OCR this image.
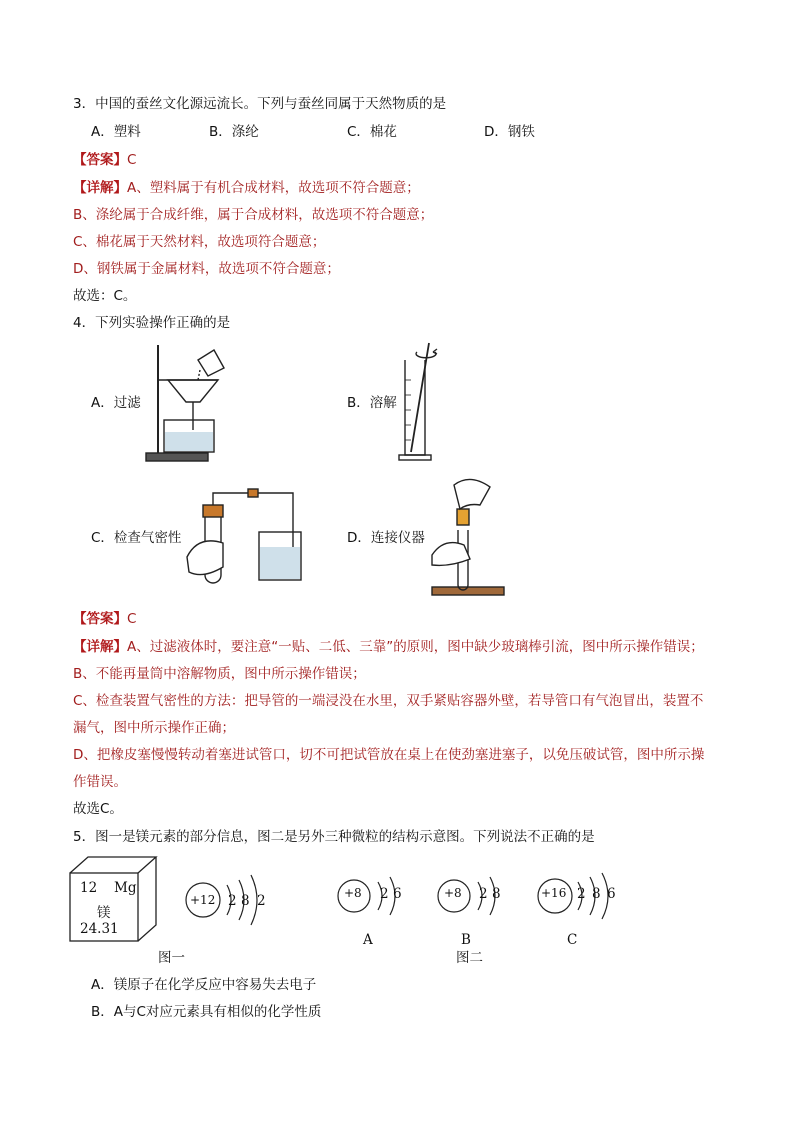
3．中国的蚕丝文化源远流长。下列与蚕丝同属于天然物质的是
A．塑料	B．涤纶	C．棉花	D．钢铁
【答案】C
【详解】A、塑料属于有机合成材料，故选项不符合题意；
B、涤纶属于合成纤维，属于合成材料，故选项不符合题意；
C、棉花属于天然材料，故选项符合题意；
D、钢铁属于金属材料，故选项不符合题意；
故选：C。
4．下列实验操作正确的是
A．过滤	B．溶解
C．检查气密性	D．连接仪器
【答案】C
【详解】A、过滤液体时，要注意“一贴、二低、三靠”的原则，图中缺少玻璃棒引流，图中所示操作错误；
B、不能再量筒中溶解物质，图中所示操作错误；
C、检查装置气密性的方法：把导管的一端浸没在水里，双手紧贴容器外壁，若导管口有气泡冒出，装置不
漏气，图中所示操作正确；
D、把橡皮塞慢慢转动着塞进试管口，切不可把试管放在桌上在使劲塞进塞子，以免压破试管，图中所示操
作错误。
故选C。
5．图一是镁元素的部分信息，图二是另外三种微粒的结构示意图。下列说法不正确的是
12 Mg
镁
24.31
+12 2 8 2
图一
+8 2 6
A
+8 2 8
B
+16 2 8 6
C
图二
A．镁原子在化学反应中容易失去电子
B．A与C对应元素具有相似的化学性质
